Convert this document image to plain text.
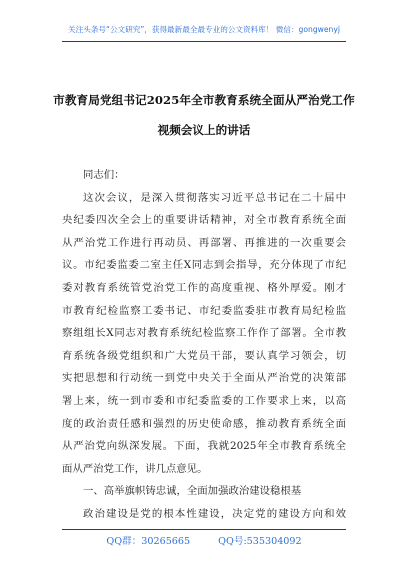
关注头条号“公文研究”，获得最新最全最专业的公文资料库！ 微信：gongwenyj
市教育局党组书记2025年全市教育系统全面从严治党工作
视频会议上的讲话
同志们：
这次会议，是深入贯彻落实习近平总书记在二十届中
央纪委四次全会上的重要讲话精神，对全市教育系统全面
从严治党工作进行再动员、再部署、再推进的一次重要会
议。市纪委监委二室主任X同志到会指导，充分体现了市纪
委对教育系统管党治党工作的高度重视、格外厚爱。刚才
市教育纪检监察工委书记、市纪委监委驻市教育局纪检监
察组组长X同志对教育系统纪检监察工作作了部署。全市教
育系统各级党组织和广大党员干部，要认真学习领会，切
实把思想和行动统一到党中央关于全面从严治党的决策部
署上来，统一到市委和市纪委监委的工作要求上来，以高
度的政治责任感和强烈的历史使命感，推动教育系统全面
从严治党向纵深发展。下面，我就2025年全市教育系统全
面从严治党工作，讲几点意见。
一、高举旗帜铸忠诚，全面加强政治建设稳根基
政治建设是党的根本性建设，决定党的建设方向和效
QQ群：30265665	QQ号:535304092
